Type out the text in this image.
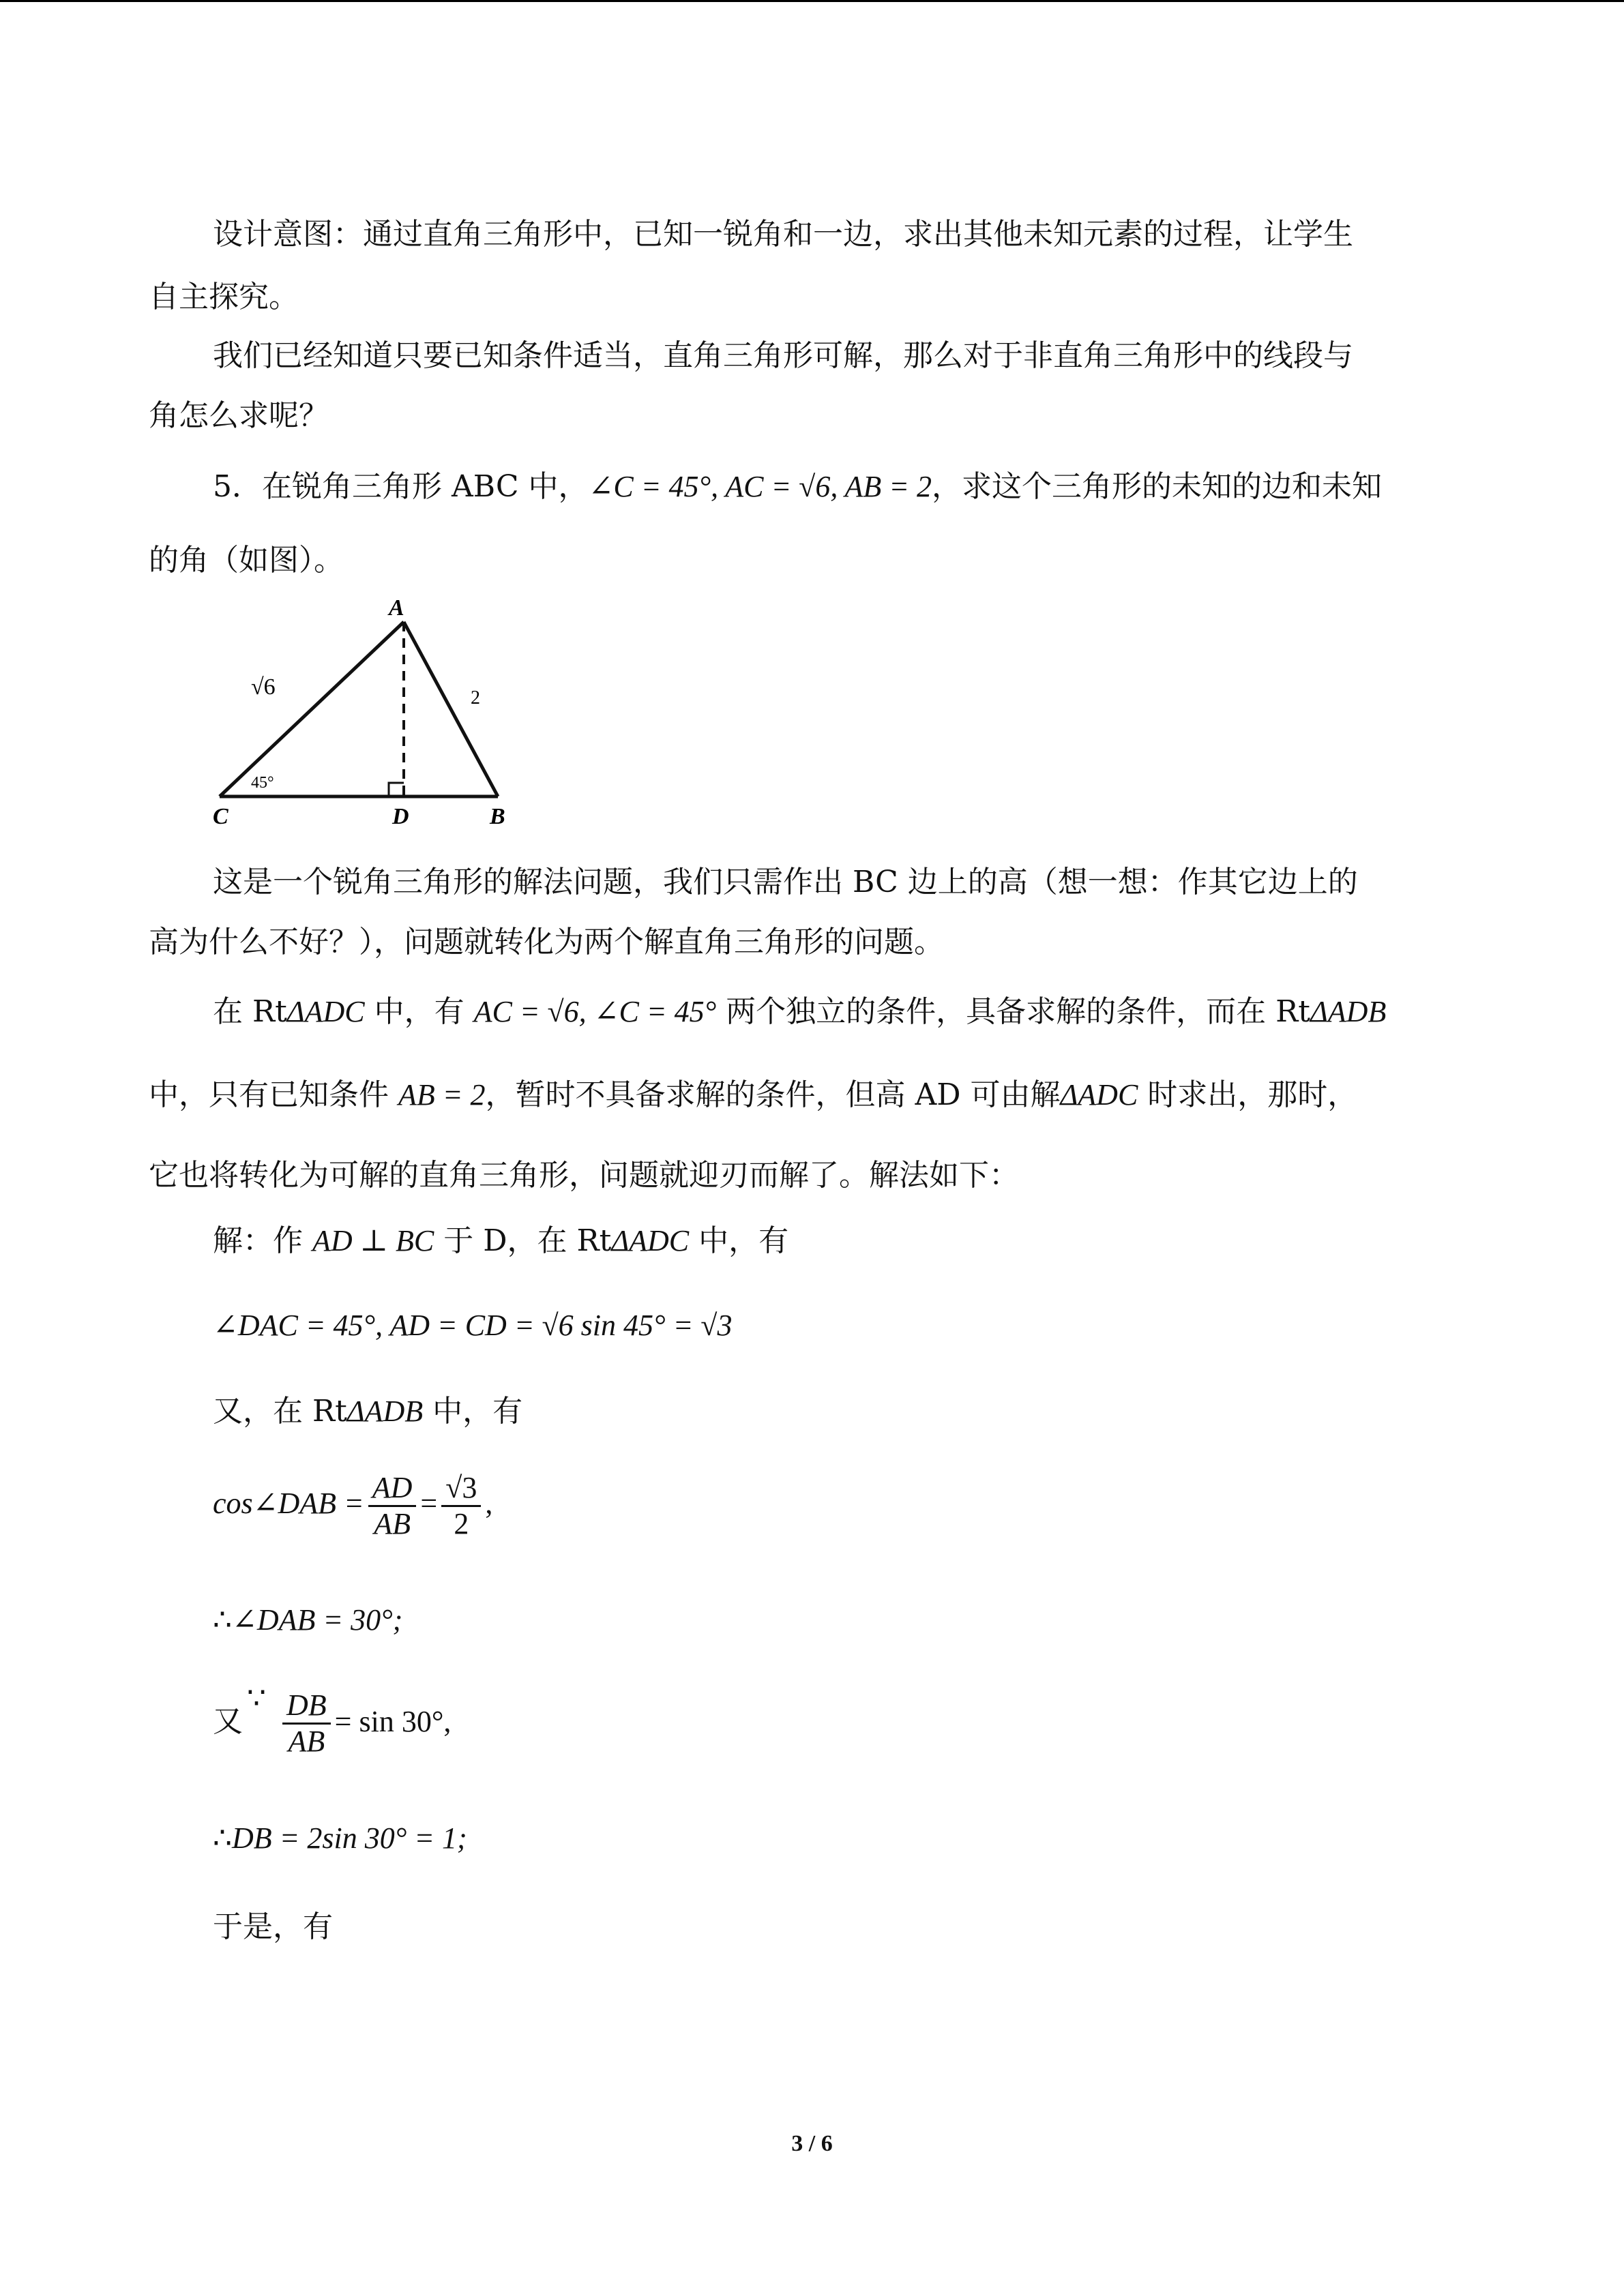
设计意图：通过直角三角形中，已知一锐角和一边，求出其他未知元素的过程，让学生
自主探究。
我们已经知道只要已知条件适当，直角三角形可解，那么对于非直角三角形中的线段与
角怎么求呢？
5．在锐角三角形 ABC 中，∠C = 45°, AC = √6, AB = 2，求这个三角形的未知的边和未知
的角（如图）。
A
C	D	B
√6	2
45°
这是一个锐角三角形的解法问题，我们只需作出 BC 边上的高（想一想：作其它边上的
高为什么不好？），问题就转化为两个解直角三角形的问题。
在 RtΔADC 中，有 AC = √6, ∠C = 45° 两个独立的条件，具备求解的条件，而在 RtΔADB
中，只有已知条件 AB = 2，暂时不具备求解的条件，但高 AD 可由解ΔADC 时求出，那时，
它也将转化为可解的直角三角形，问题就迎刃而解了。解法如下：
解：作 AD ⊥ BC 于 D，在 RtΔADC 中，有
∠DAC = 45°, AD = CD = √6 sin 45° = √3
又，在 RtΔADB 中，有
cos∠DAB = $\frac{AD}{AB} = \frac{√3}{2}$ ,
∴∠DAB = 30°;
又∵ $\frac{DB}{AB} = \sin 30^\circ$,
∴DB = 2sin 30° = 1;
于是，有
3 / 6
